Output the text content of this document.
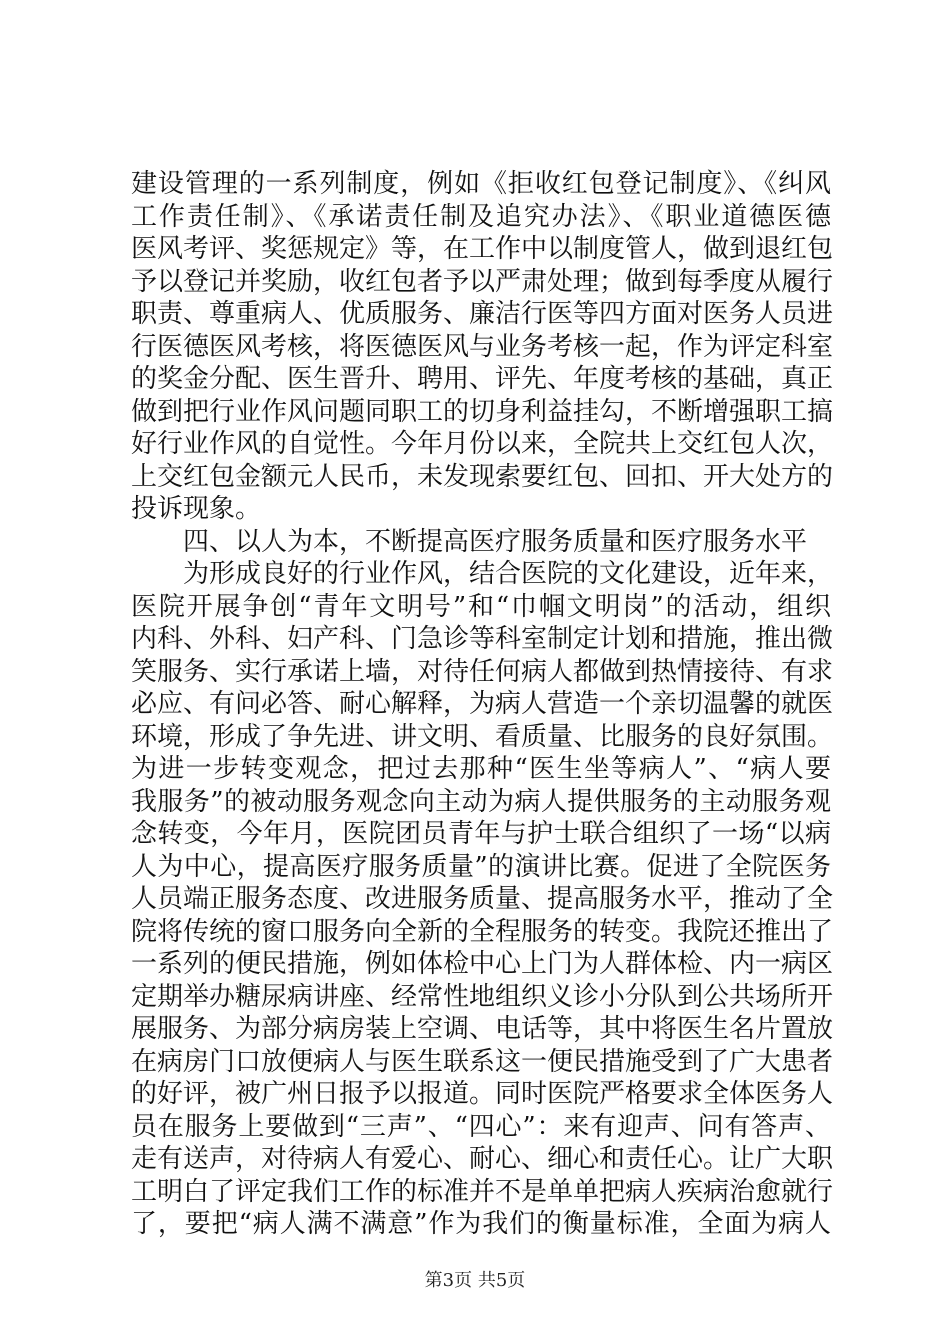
建设管理的一系列制度，例如《拒收红包登记制度》、《纠风
工作责任制》、《承诺责任制及追究办法》、《职业道德医德
医风考评、奖惩规定》等，在工作中以制度管人，做到退红包
予以登记并奖励，收红包者予以严肃处理；做到每季度从履行
职责、尊重病人、优质服务、廉洁行医等四方面对医务人员进
行医德医风考核，将医德医风与业务考核一起，作为评定科室
的奖金分配、医生晋升、聘用、评先、年度考核的基础，真正
做到把行业作风问题同职工的切身利益挂勾，不断增强职工搞
好行业作风的自觉性。今年月份以来，全院共上交红包人次，
上交红包金额元人民币，未发现索要红包、回扣、开大处方的
投诉现象。
四、以人为本，不断提高医疗服务质量和医疗服务水平
为形成良好的行业作风，结合医院的文化建设，近年来，
医院开展争创“青年文明号”和“巾帼文明岗”的活动，组织
内科、外科、妇产科、门急诊等科室制定计划和措施，推出微
笑服务、实行承诺上墙，对待任何病人都做到热情接待、有求
必应、有问必答、耐心解释，为病人营造一个亲切温馨的就医
环境，形成了争先进、讲文明、看质量、比服务的良好氛围。
为进一步转变观念，把过去那种“医生坐等病人”、“病人要
我服务”的被动服务观念向主动为病人提供服务的主动服务观
念转变，今年月，医院团员青年与护士联合组织了一场“以病
人为中心，提高医疗服务质量”的演讲比赛。促进了全院医务
人员端正服务态度、改进服务质量、提高服务水平，推动了全
院将传统的窗口服务向全新的全程服务的转变。我院还推出了
一系列的便民措施，例如体检中心上门为人群体检、内一病区
定期举办糖尿病讲座、经常性地组织义诊小分队到公共场所开
展服务、为部分病房装上空调、电话等，其中将医生名片置放
在病房门口放便病人与医生联系这一便民措施受到了广大患者
的好评，被广州日报予以报道。同时医院严格要求全体医务人
员在服务上要做到“三声”、“四心”：来有迎声、问有答声、
走有送声，对待病人有爱心、耐心、细心和责任心。让广大职
工明白了评定我们工作的标准并不是单单把病人疾病治愈就行
了，要把“病人满不满意”作为我们的衡量标准，全面为病人
第3页 共5页
